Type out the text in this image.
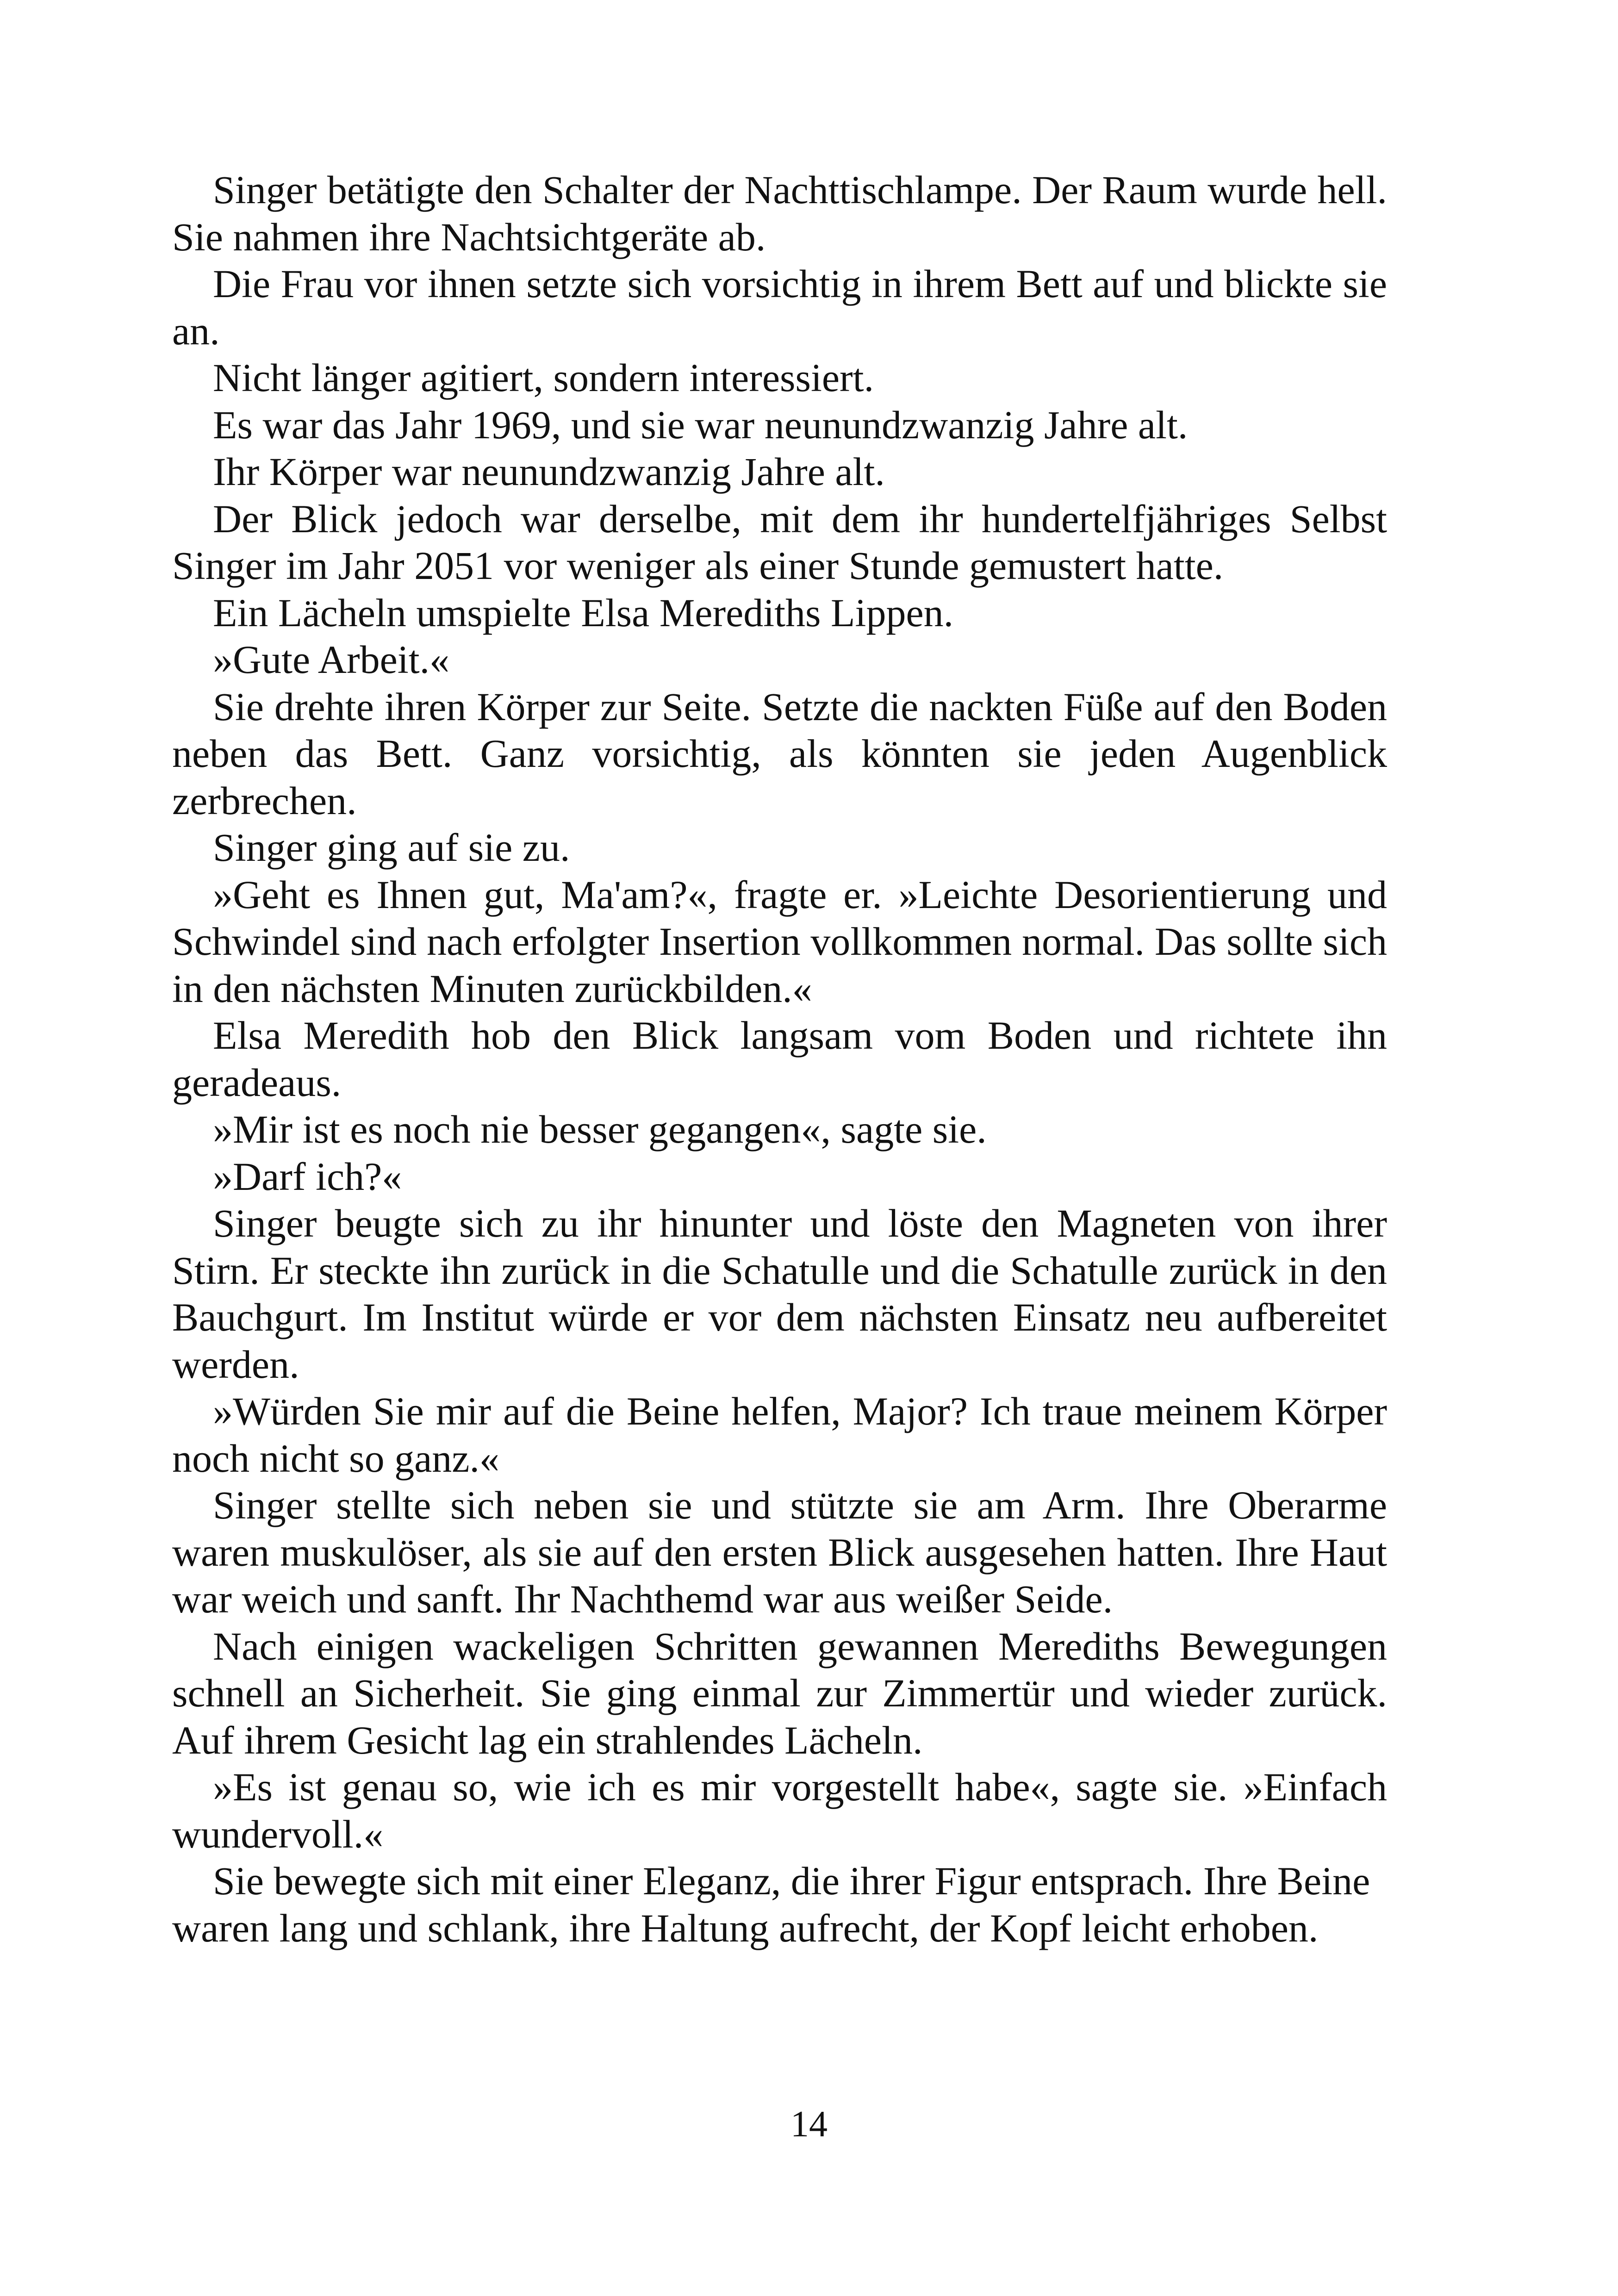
Singer betätigte den Schalter der Nachttischlampe. Der Raum wurde hell. Sie nahmen ihre Nachtsichtgeräte ab.

Die Frau vor ihnen setzte sich vorsichtig in ihrem Bett auf und blickte sie an.

Nicht länger agitiert, sondern interessiert.

Es war das Jahr 1969, und sie war neunundzwanzig Jahre alt.

Ihr Körper war neunundzwanzig Jahre alt.

Der Blick jedoch war derselbe, mit dem ihr hundertelfjähriges Selbst Singer im Jahr 2051 vor weniger als einer Stunde gemustert hatte.

Ein Lächeln umspielte Elsa Merediths Lippen.

»Gute Arbeit.«

Sie drehte ihren Körper zur Seite. Setzte die nackten Füße auf den Boden neben das Bett. Ganz vorsichtig, als könnten sie jeden Augenblick zerbrechen.

Singer ging auf sie zu.

»Geht es Ihnen gut, Ma'am?«, fragte er. »Leichte Desorientierung und Schwindel sind nach erfolgter Insertion vollkommen normal. Das sollte sich in den nächsten Minuten zurückbilden.«

Elsa Meredith hob den Blick langsam vom Boden und richtete ihn geradeaus.

»Mir ist es noch nie besser gegangen«, sagte sie.

»Darf ich?«

Singer beugte sich zu ihr hinunter und löste den Magneten von ihrer Stirn. Er steckte ihn zurück in die Schatulle und die Schatulle zurück in den Bauchgurt. Im Institut würde er vor dem nächsten Einsatz neu aufbereitet werden.

»Würden Sie mir auf die Beine helfen, Major? Ich traue meinem Körper noch nicht so ganz.«

Singer stellte sich neben sie und stützte sie am Arm. Ihre Oberarme waren muskulöser, als sie auf den ersten Blick ausgesehen hatten. Ihre Haut war weich und sanft. Ihr Nachthemd war aus weißer Seide.

Nach einigen wackeligen Schritten gewannen Merediths Bewegungen schnell an Sicherheit. Sie ging einmal zur Zimmertür und wieder zurück. Auf ihrem Gesicht lag ein strahlendes Lächeln.

»Es ist genau so, wie ich es mir vorgestellt habe«, sagte sie. »Einfach wundervoll.«

Sie bewegte sich mit einer Eleganz, die ihrer Figur entsprach. Ihre Beine waren lang und schlank, ihre Haltung aufrecht, der Kopf leicht erhoben.

14
